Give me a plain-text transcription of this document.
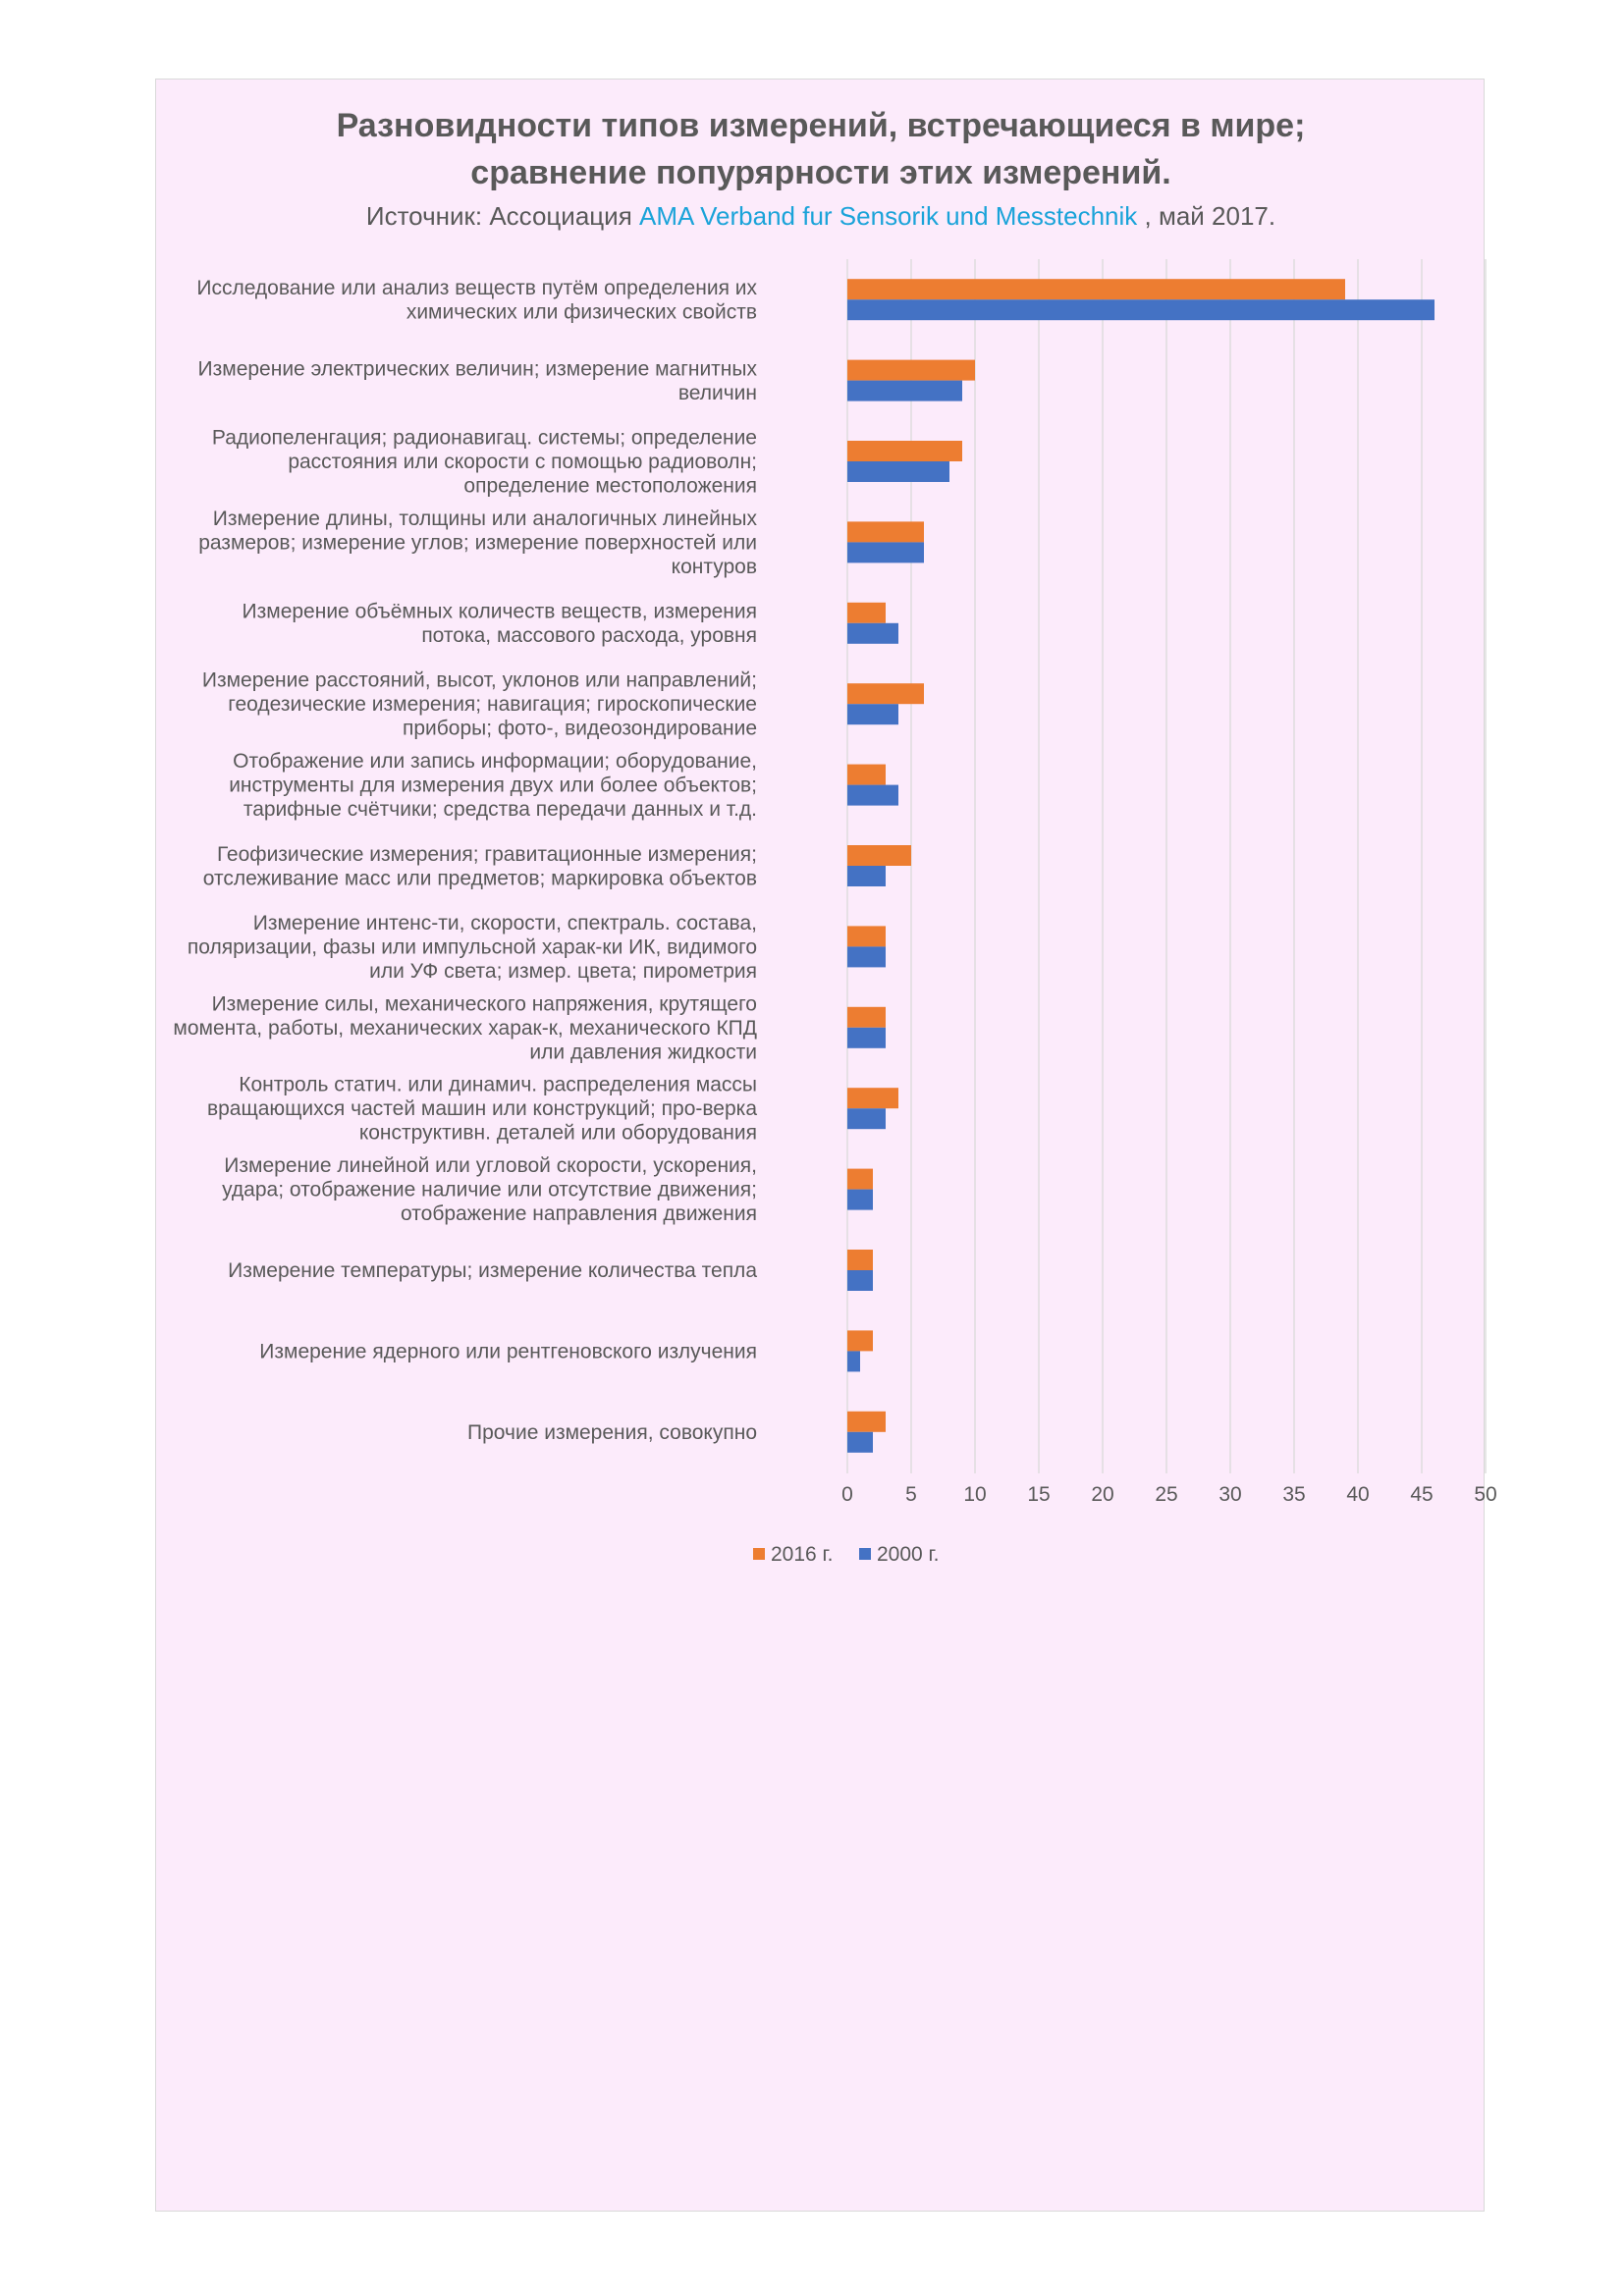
Разновидности типов измерений, встречающиеся в мире;
сравнение попурярности этих измерений.
Источник: Ассоциация AMA Verband fur Sensorik und Messtechnik , май 2017.
Исследование или анализ веществ путём определения их химических или физических свойств
Измерение электрических величин; измерение магнитных величин
Радиопеленгация; радионавигац. системы; определение расстояния или скорости с помощью радиоволн; определение местоположения
Измерение длины, толщины или аналогичных линейных размеров; измерение углов; измерение поверхностей или контуров
Измерение объёмных количеств веществ, измерения потока, массового расхода, уровня
Измерение расстояний, высот, уклонов или направлений; геодезические измерения; навигация; гироскопические приборы; фото-, видеозондирование
Отображение или запись информации; оборудование, инструменты для измерения двух или более объектов; тарифные счётчики; средства передачи данных и т.д.
Геофизические измерения; гравитационные измерения; отслеживание масс или предметов; маркировка объектов
Измерение интенс-ти, скорости, спектраль. состава, поляризации, фазы или импульсной харак-ки ИК, видимого или УФ света; измер. цвета; пирометрия
Измерение силы, механического напряжения, крутящего момента, работы, механических харак-к, механического КПД или давления жидкости
Контроль статич. или динамич. распределения массы вращающихся частей машин или конструкций; про-верка конструктивн. деталей или оборудования
Измерение линейной или угловой скорости, ускорения, удара; отображение наличие или отсутствие движения; отображение направления движения
Измерение температуры; измерение количества тепла
Измерение ядерного или рентгеновского излучения
Прочие измерения, совокупно
0	5 10 15 20 25 30 35 40 45 50
2016 г. 2000 г.
